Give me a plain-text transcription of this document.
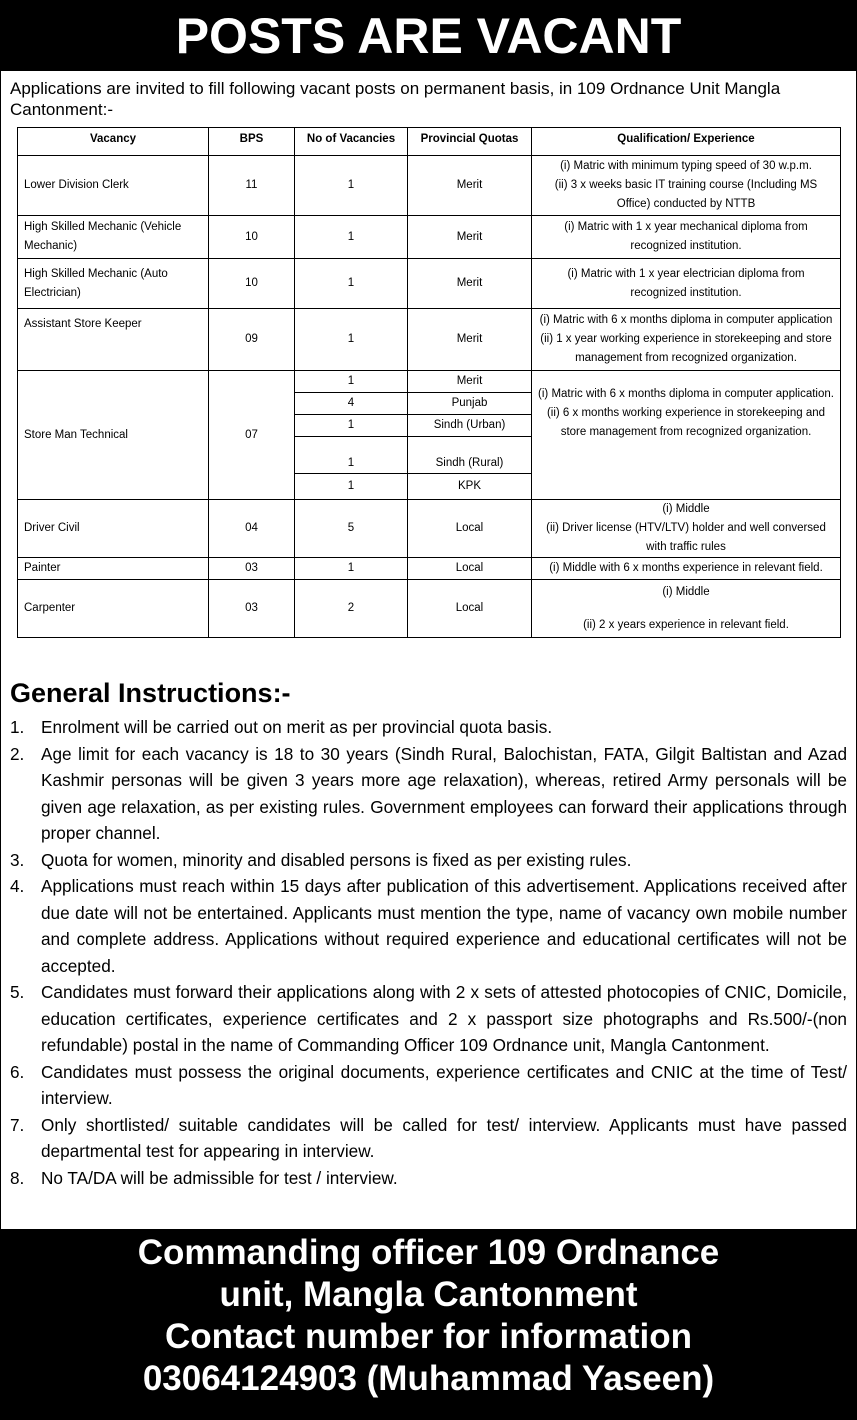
POSTS ARE VACANT
Applications are invited to fill following vacant posts on permanent basis, in 109 Ordnance Unit Mangla Cantonment:-
Vacancy	BPS	No of Vacancies	Provincial Quotas	Qualification/ Experience
Lower Division Clerk	11	1	Merit	(i) Matric with minimum typing speed of 30 w.p.m.
(ii) 3 x weeks basic IT training course (Including MS Office) conducted by NTTB

High Skilled Mechanic (Vehicle Mechanic)	10	1	Merit	(i) Matric with 1 x year mechanical diploma from recognized institution.

High Skilled Mechanic (Auto Electrician)	10	1	Merit	(i) Matric with 1 x year electrician diploma from recognized institution.

Assistant Store Keeper	09	1	Merit	(i) Matric with 6 x months diploma in computer application
(ii) 1 x year working experience in storekeeping and store management from recognized organization.

Store Man Technical	07	1	Merit	(i) Matric with 6 x months diploma in computer application.
(ii) 6 x months working experience in storekeeping and store management from recognized organization.

		4	Punjab	
		1	Sindh (Urban)	
		1	Sindh (Rural)	
		1	KPK	
Driver Civil	04	5	Local	(i) Middle
(ii) Driver license (HTV/LTV) holder and well conversed with traffic rules

Painter	03	1	Local	(i) Middle with 6 x months experience in relevant field.

Carpenter	03	2	Local	(i) Middle
(ii) 2 x years experience in relevant field.
General Instructions:-
1. Enrolment will be carried out on merit as per provincial quota basis.
2. Age limit for each vacancy is 18 to 30 years (Sindh Rural, Balochistan, FATA, Gilgit Baltistan and Azad Kashmir personas will be given 3 years more age relaxation), whereas, retired Army personals will be given age relaxation, as per existing rules. Government employees can forward their applications through proper channel.
3. Quota for women, minority and disabled persons is fixed as per existing rules.
4. Applications must reach within 15 days after publication of this advertisement. Applications received after due date will not be entertained. Applicants must mention the type, name of vacancy own mobile number and complete address. Applications without required experience and educational certificates will not be accepted.
5. Candidates must forward their applications along with 2 x sets of attested photocopies of CNIC, Domicile, education certificates, experience certificates and 2 x passport size photographs and Rs.500/-(non refundable) postal in the name of Commanding Officer 109 Ordnance unit, Mangla Cantonment.
6. Candidates must possess the original documents, experience certificates and CNIC at the time of Test/ interview.
7. Only shortlisted/ suitable candidates will be called for test/ interview. Applicants must have passed departmental test for appearing in interview.
8. No TA/DA will be admissible for test / interview.
Commanding officer 109 Ordnance
unit, Mangla Cantonment
Contact number for information
03064124903 (Muhammad Yaseen)
